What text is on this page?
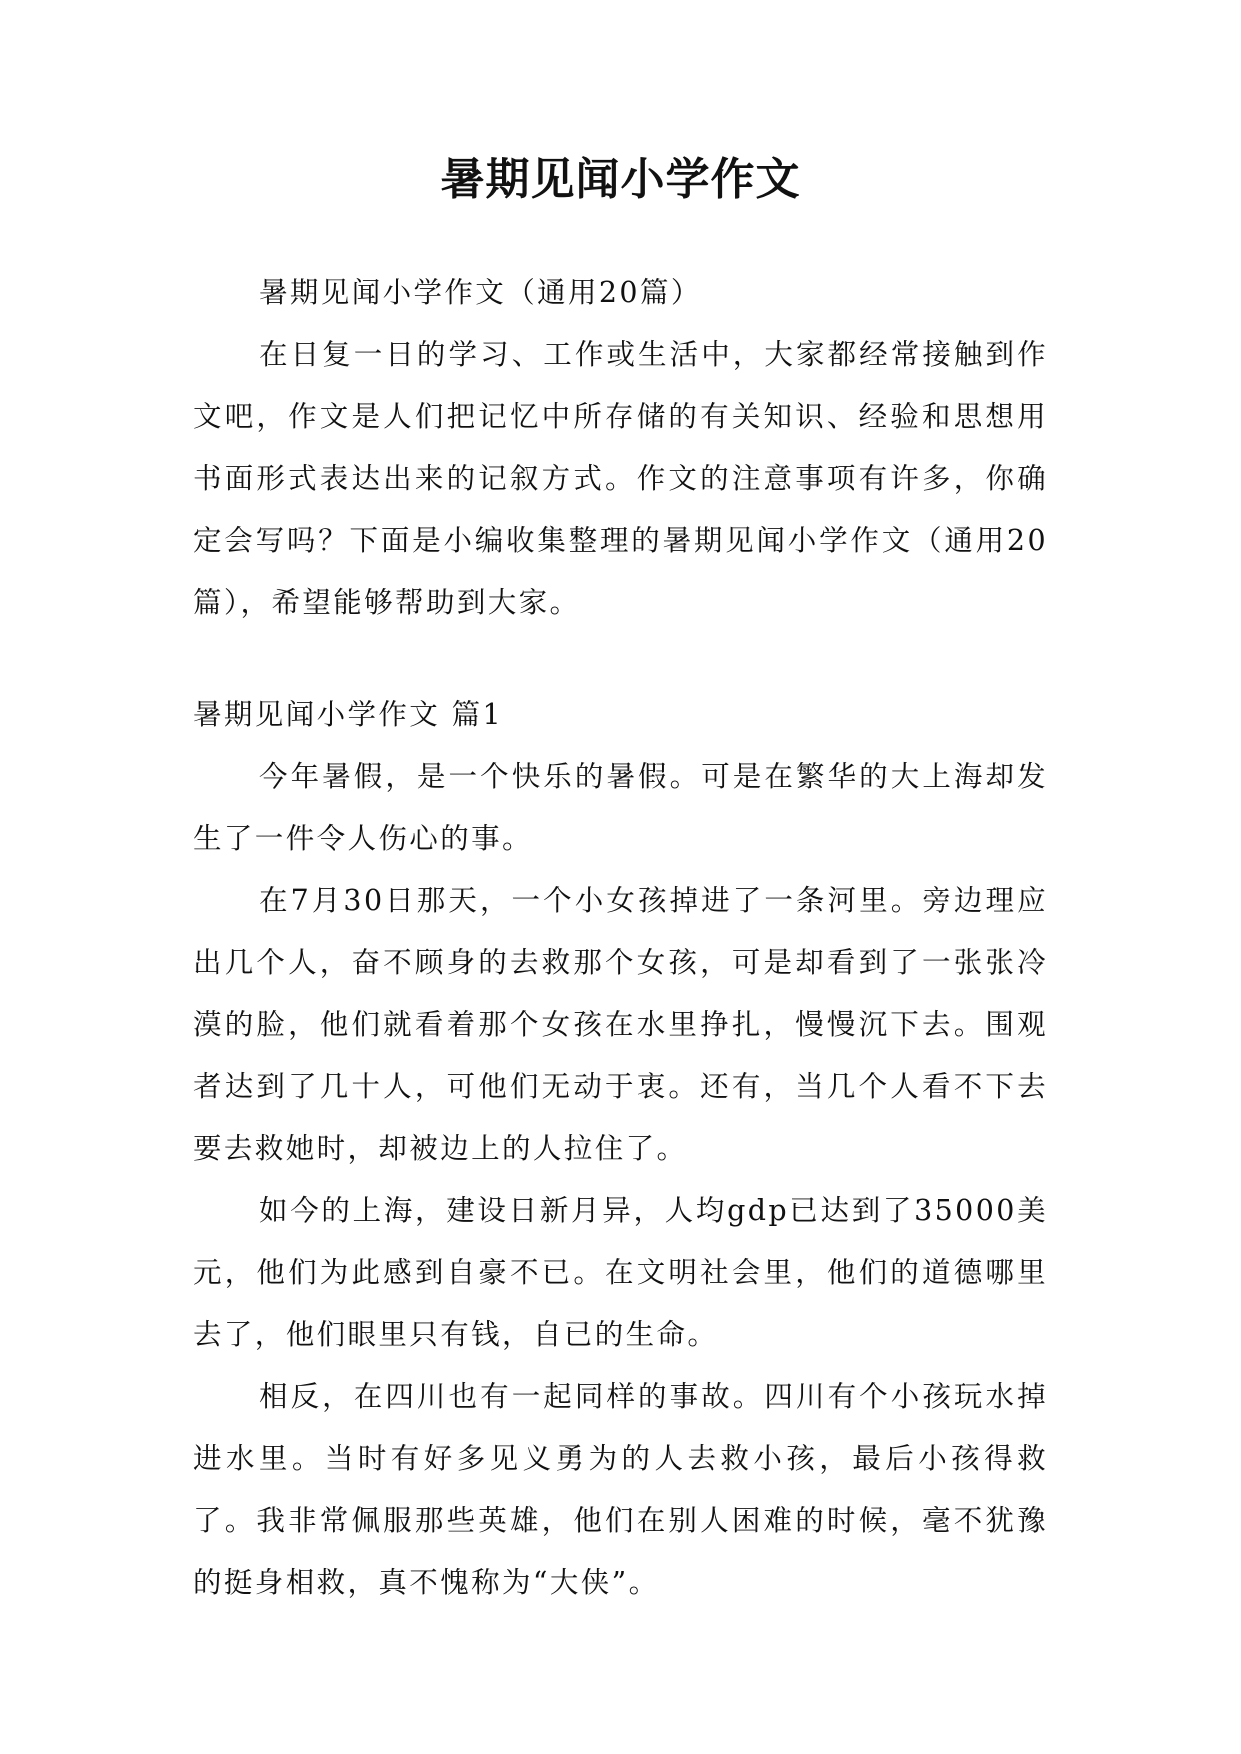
暑期见闻小学作文

暑期见闻小学作文（通用20篇）

在日复一日的学习、工作或生活中，大家都经常接触到作文吧，作文是人们把记忆中所存储的有关知识、经验和思想用书面形式表达出来的记叙方式。作文的注意事项有许多，你确定会写吗？下面是小编收集整理的暑期见闻小学作文（通用20篇），希望能够帮助到大家。

暑期见闻小学作文 篇1

今年暑假，是一个快乐的暑假。可是在繁华的大上海却发生了一件令人伤心的事。

在7月30日那天，一个小女孩掉进了一条河里。旁边理应出几个人，奋不顾身的去救那个女孩，可是却看到了一张张冷漠的脸，他们就看着那个女孩在水里挣扎，慢慢沉下去。围观者达到了几十人，可他们无动于衷。还有，当几个人看不下去要去救她时，却被边上的人拉住了。

如今的上海，建设日新月异，人均gdp已达到了35000美元，他们为此感到自豪不已。在文明社会里，他们的道德哪里去了，他们眼里只有钱，自已的生命。

相反，在四川也有一起同样的事故。四川有个小孩玩水掉进水里。当时有好多见义勇为的人去救小孩，最后小孩得救了。我非常佩服那些英雄，他们在别人困难的时候，毫不犹豫的挺身相救，真不愧称为“大侠”。
